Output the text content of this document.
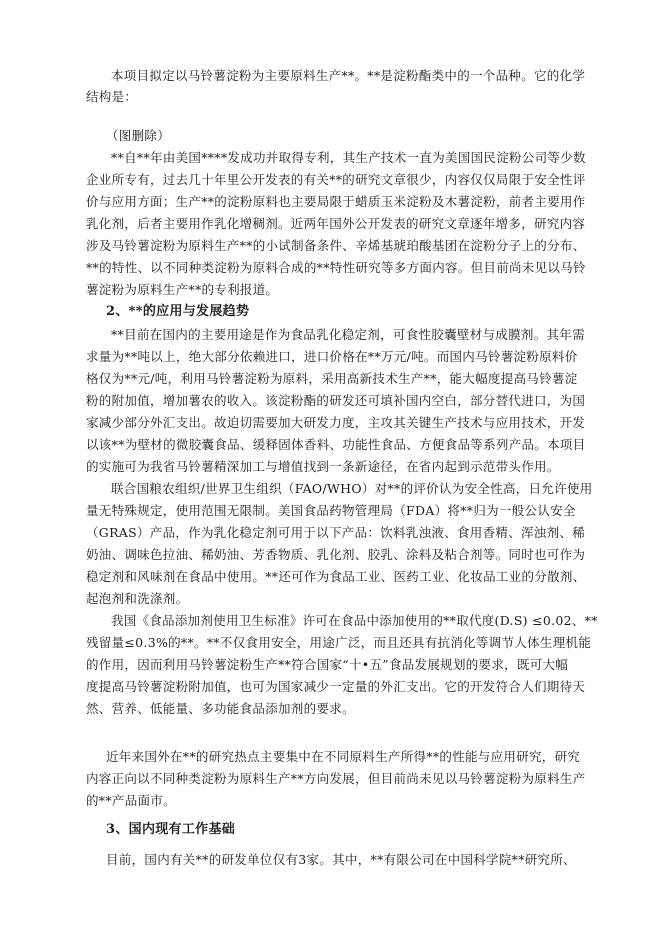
本项目拟定以马铃薯淀粉为主要原料生产**。**是淀粉酯类中的一个品种。它的化学
结构是：
（图删除）
**自**年由美国****发成功并取得专利，其生产技术一直为美国国民淀粉公司等少数
企业所专有，过去几十年里公开发表的有关**的研究文章很少，内容仅仅局限于安全性评
价与应用方面；生产**的淀粉原料也主要局限于蜡质玉米淀粉及木薯淀粉，前者主要用作
乳化剂，后者主要用作乳化增稠剂。近两年国外公开发表的研究文章逐年增多，研究内容
涉及马铃薯淀粉为原料生产**的小试制备条件、辛烯基琥珀酸基团在淀粉分子上的分布、
**的特性、以不同种类淀粉为原料合成的**特性研究等多方面内容。但目前尚未见以马铃
薯淀粉为原料生产**的专利报道。
2、**的应用与发展趋势
**目前在国内的主要用途是作为食品乳化稳定剂，可食性胶囊壁材与成膜剂。其年需
求量为**吨以上，绝大部分依赖进口，进口价格在**万元/吨。而国内马铃薯淀粉原料价
格仅为**元/吨，利用马铃薯淀粉为原料，采用高新技术生产**，能大幅度提高马铃薯淀
粉的附加值，增加薯农的收入。该淀粉酯的研发还可填补国内空白，部分替代进口，为国
家减少部分外汇支出。故迫切需要加大研发力度，主攻其关键生产技术与应用技术，开发
以该**为壁材的微胶囊食品、缓释固体香料、功能性食品、方便食品等系列产品。本项目
的实施可为我省马铃薯精深加工与增值找到一条新途径，在省内起到示范带头作用。
联合国粮农组织/世界卫生组织（FAO/WHO）对**的评价认为安全性高，日允许使用
量无特殊规定，使用范围无限制。美国食品药物管理局（FDA）将**归为一般公认安全
（GRAS）产品，作为乳化稳定剂可用于以下产品：饮料乳浊液、食用香精、浑浊剂、稀
奶油、调味色拉油、稀奶油、芳香物质、乳化剂、胶乳、涂料及粘合剂等。同时也可作为
稳定剂和风味剂在食品中使用。**还可作为食品工业、医药工业、化妆品工业的分散剂、
起泡剂和洗涤剂。
我国《食品添加剂使用卫生标准》许可在食品中添加使用的**取代度(D.S) ≤0.02、**
残留量≤0.3%的**。**不仅食用安全，用途广泛，而且还具有抗消化等调节人体生理机能
的作用，因而利用马铃薯淀粉生产**符合国家“十•五”食品发展规划的要求，既可大幅
度提高马铃薯淀粉附加值，也可为国家减少一定量的外汇支出。它的开发符合人们期待天
然、营养、低能量、多功能食品添加剂的要求。
近年来国外在**的研究热点主要集中在不同原料生产所得**的性能与应用研究，研究
内容正向以不同种类淀粉为原料生产**方向发展，但目前尚未见以马铃薯淀粉为原料生产
的**产品面市。
3、国内现有工作基础
目前，国内有关**的研发单位仅有3家。其中，**有限公司在中国科学院**研究所、
